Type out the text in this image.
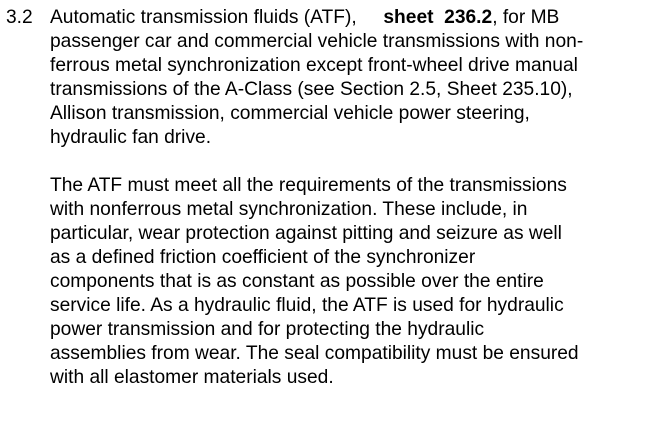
3.2 Automatic transmission fluids (ATF),     sheet  236.2, for MB
passenger car and commercial vehicle transmissions with non-
ferrous metal synchronization except front-wheel drive manual
transmissions of the A-Class (see Section 2.5, Sheet 235.10),
Allison transmission, commercial vehicle power steering,
hydraulic fan drive.
The ATF must meet all the requirements of the transmissions
with nonferrous metal synchronization. These include, in
particular, wear protection against pitting and seizure as well
as a defined friction coefficient of the synchronizer
components that is as constant as possible over the entire
service life. As a hydraulic fluid, the ATF is used for hydraulic
power transmission and for protecting the hydraulic
assemblies from wear. The seal compatibility must be ensured
with all elastomer materials used.
